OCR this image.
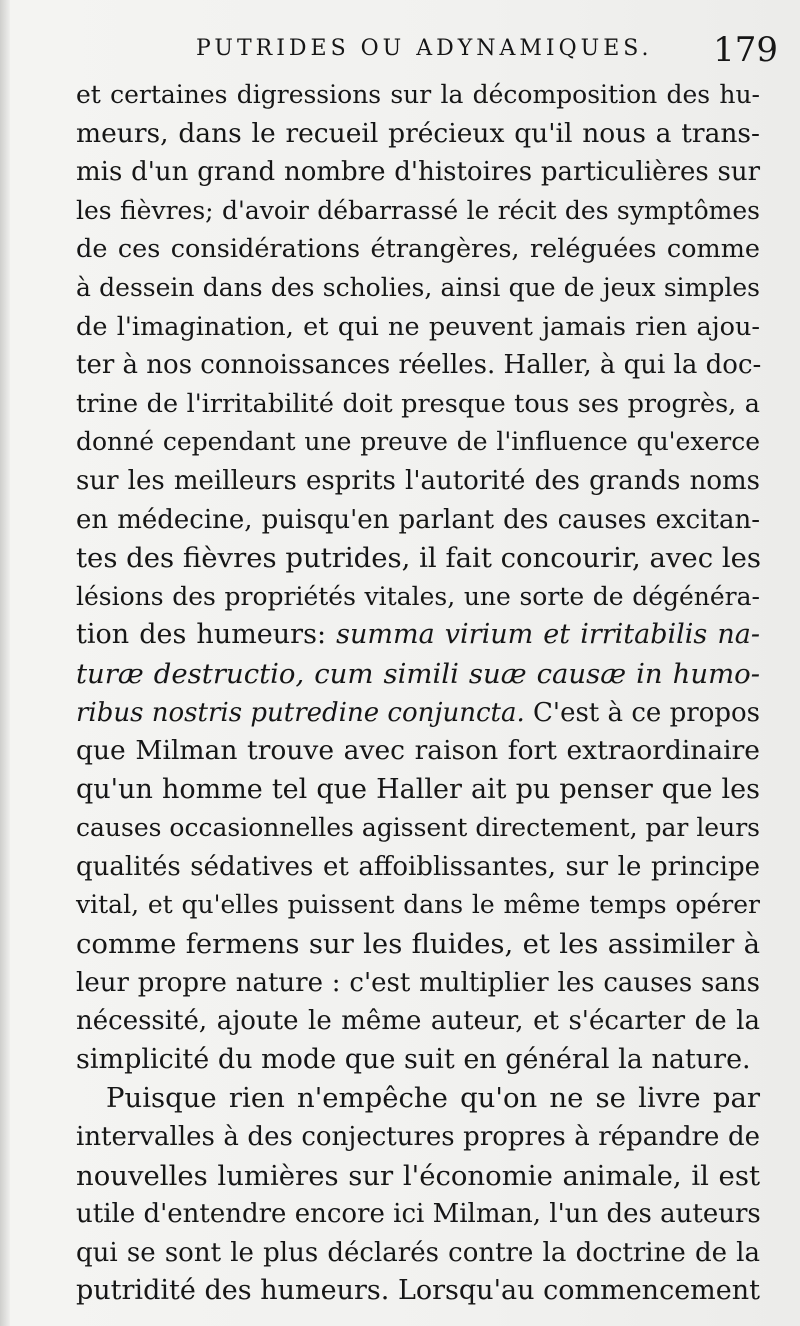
PUTRIDES OU ADYNAMIQUES. 179
et certaines digressions sur la décomposition des hu-
meurs, dans le recueil précieux qu'il nous a trans-
mis d'un grand nombre d'histoires particulières sur
les fièvres; d'avoir débarrassé le récit des symptômes
de ces considérations étrangères, reléguées comme
à dessein dans des scholies, ainsi que de jeux simples
de l'imagination, et qui ne peuvent jamais rien ajou-
ter à nos connoissances réelles. Haller, à qui la doc-
trine de l'irritabilité doit presque tous ses progrès, a
donné cependant une preuve de l'influence qu'exerce
sur les meilleurs esprits l'autorité des grands noms
en médecine, puisqu'en parlant des causes excitan-
tes des fièvres putrides, il fait concourir, avec les
lésions des propriétés vitales, une sorte de dégénéra-
tion des humeurs: summa virium et irritabilis na-
turæ destructio, cum simili suæ causæ in humo-
ribus nostris putredine conjuncta. C'est à ce propos
que Milman trouve avec raison fort extraordinaire
qu'un homme tel que Haller ait pu penser que les
causes occasionnelles agissent directement, par leurs
qualités sédatives et affoiblissantes, sur le principe
vital, et qu'elles puissent dans le même temps opérer
comme fermens sur les fluides, et les assimiler à
leur propre nature : c'est multiplier les causes sans
nécessité, ajoute le même auteur, et s'écarter de la
simplicité du mode que suit en général la nature.
Puisque rien n'empêche qu'on ne se livre par
intervalles à des conjectures propres à répandre de
nouvelles lumières sur l'économie animale, il est
utile d'entendre encore ici Milman, l'un des auteurs
qui se sont le plus déclarés contre la doctrine de la
putridité des humeurs. Lorsqu'au commencement
